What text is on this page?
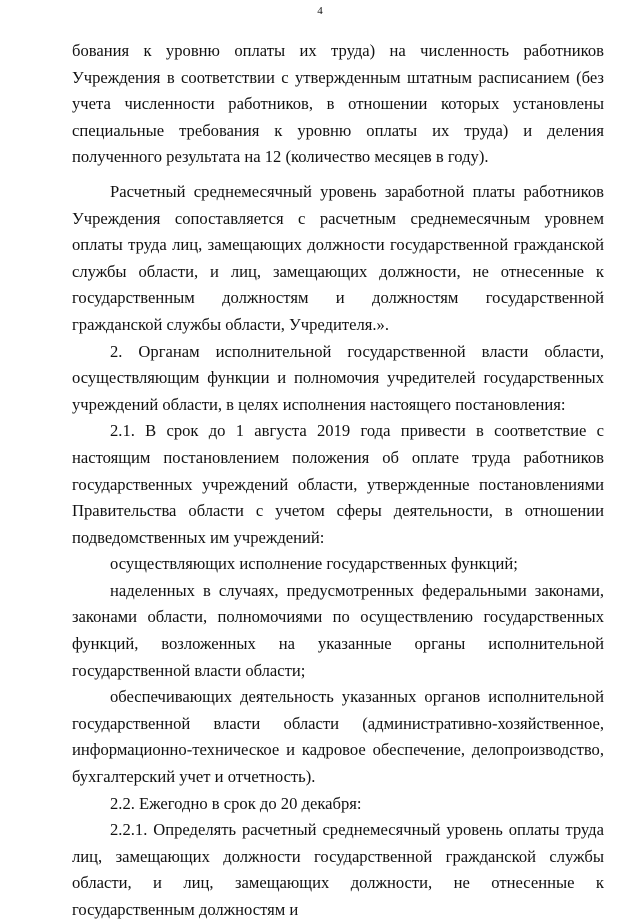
4

бования к уровню оплаты их труда) на численность работников Учреждения в соответствии с утвержденным штатным расписанием (без учета численности работников, в отношении которых установлены специальные требования к уровню оплаты их труда) и деления полученного результата на 12 (количество месяцев в году).

Расчетный среднемесячный уровень заработной платы работников Учреждения сопоставляется с расчетным среднемесячным уровнем оплаты труда лиц, замещающих должности государственной гражданской службы области, и лиц, замещающих должности, не отнесенные к государственным должностям и должностям государственной гражданской службы области, Учредителя.».

2. Органам исполнительной государственной власти области, осуществляющим функции и полномочия учредителей государственных учреждений области, в целях исполнения настоящего постановления:

2.1. В срок до 1 августа 2019 года привести в соответствие с настоящим постановлением положения об оплате труда работников государственных учреждений области, утвержденные постановлениями Правительства области с учетом сферы деятельности, в отношении подведомственных им учреждений:

осуществляющих исполнение государственных функций;

наделенных в случаях, предусмотренных федеральными законами, законами области, полномочиями по осуществлению государственных функций, возложенных на указанные органы исполнительной государственной власти области;

обеспечивающих деятельность указанных органов исполнительной государственной власти области (административно-хозяйственное, информационно-техническое и кадровое обеспечение, делопроизводство, бухгалтерский учет и отчетность).

2.2. Ежегодно в срок до 20 декабря:

2.2.1. Определять расчетный среднемесячный уровень оплаты труда лиц, замещающих должности государственной гражданской службы области, и лиц, замещающих должности, не отнесенные к государственным должностям и
